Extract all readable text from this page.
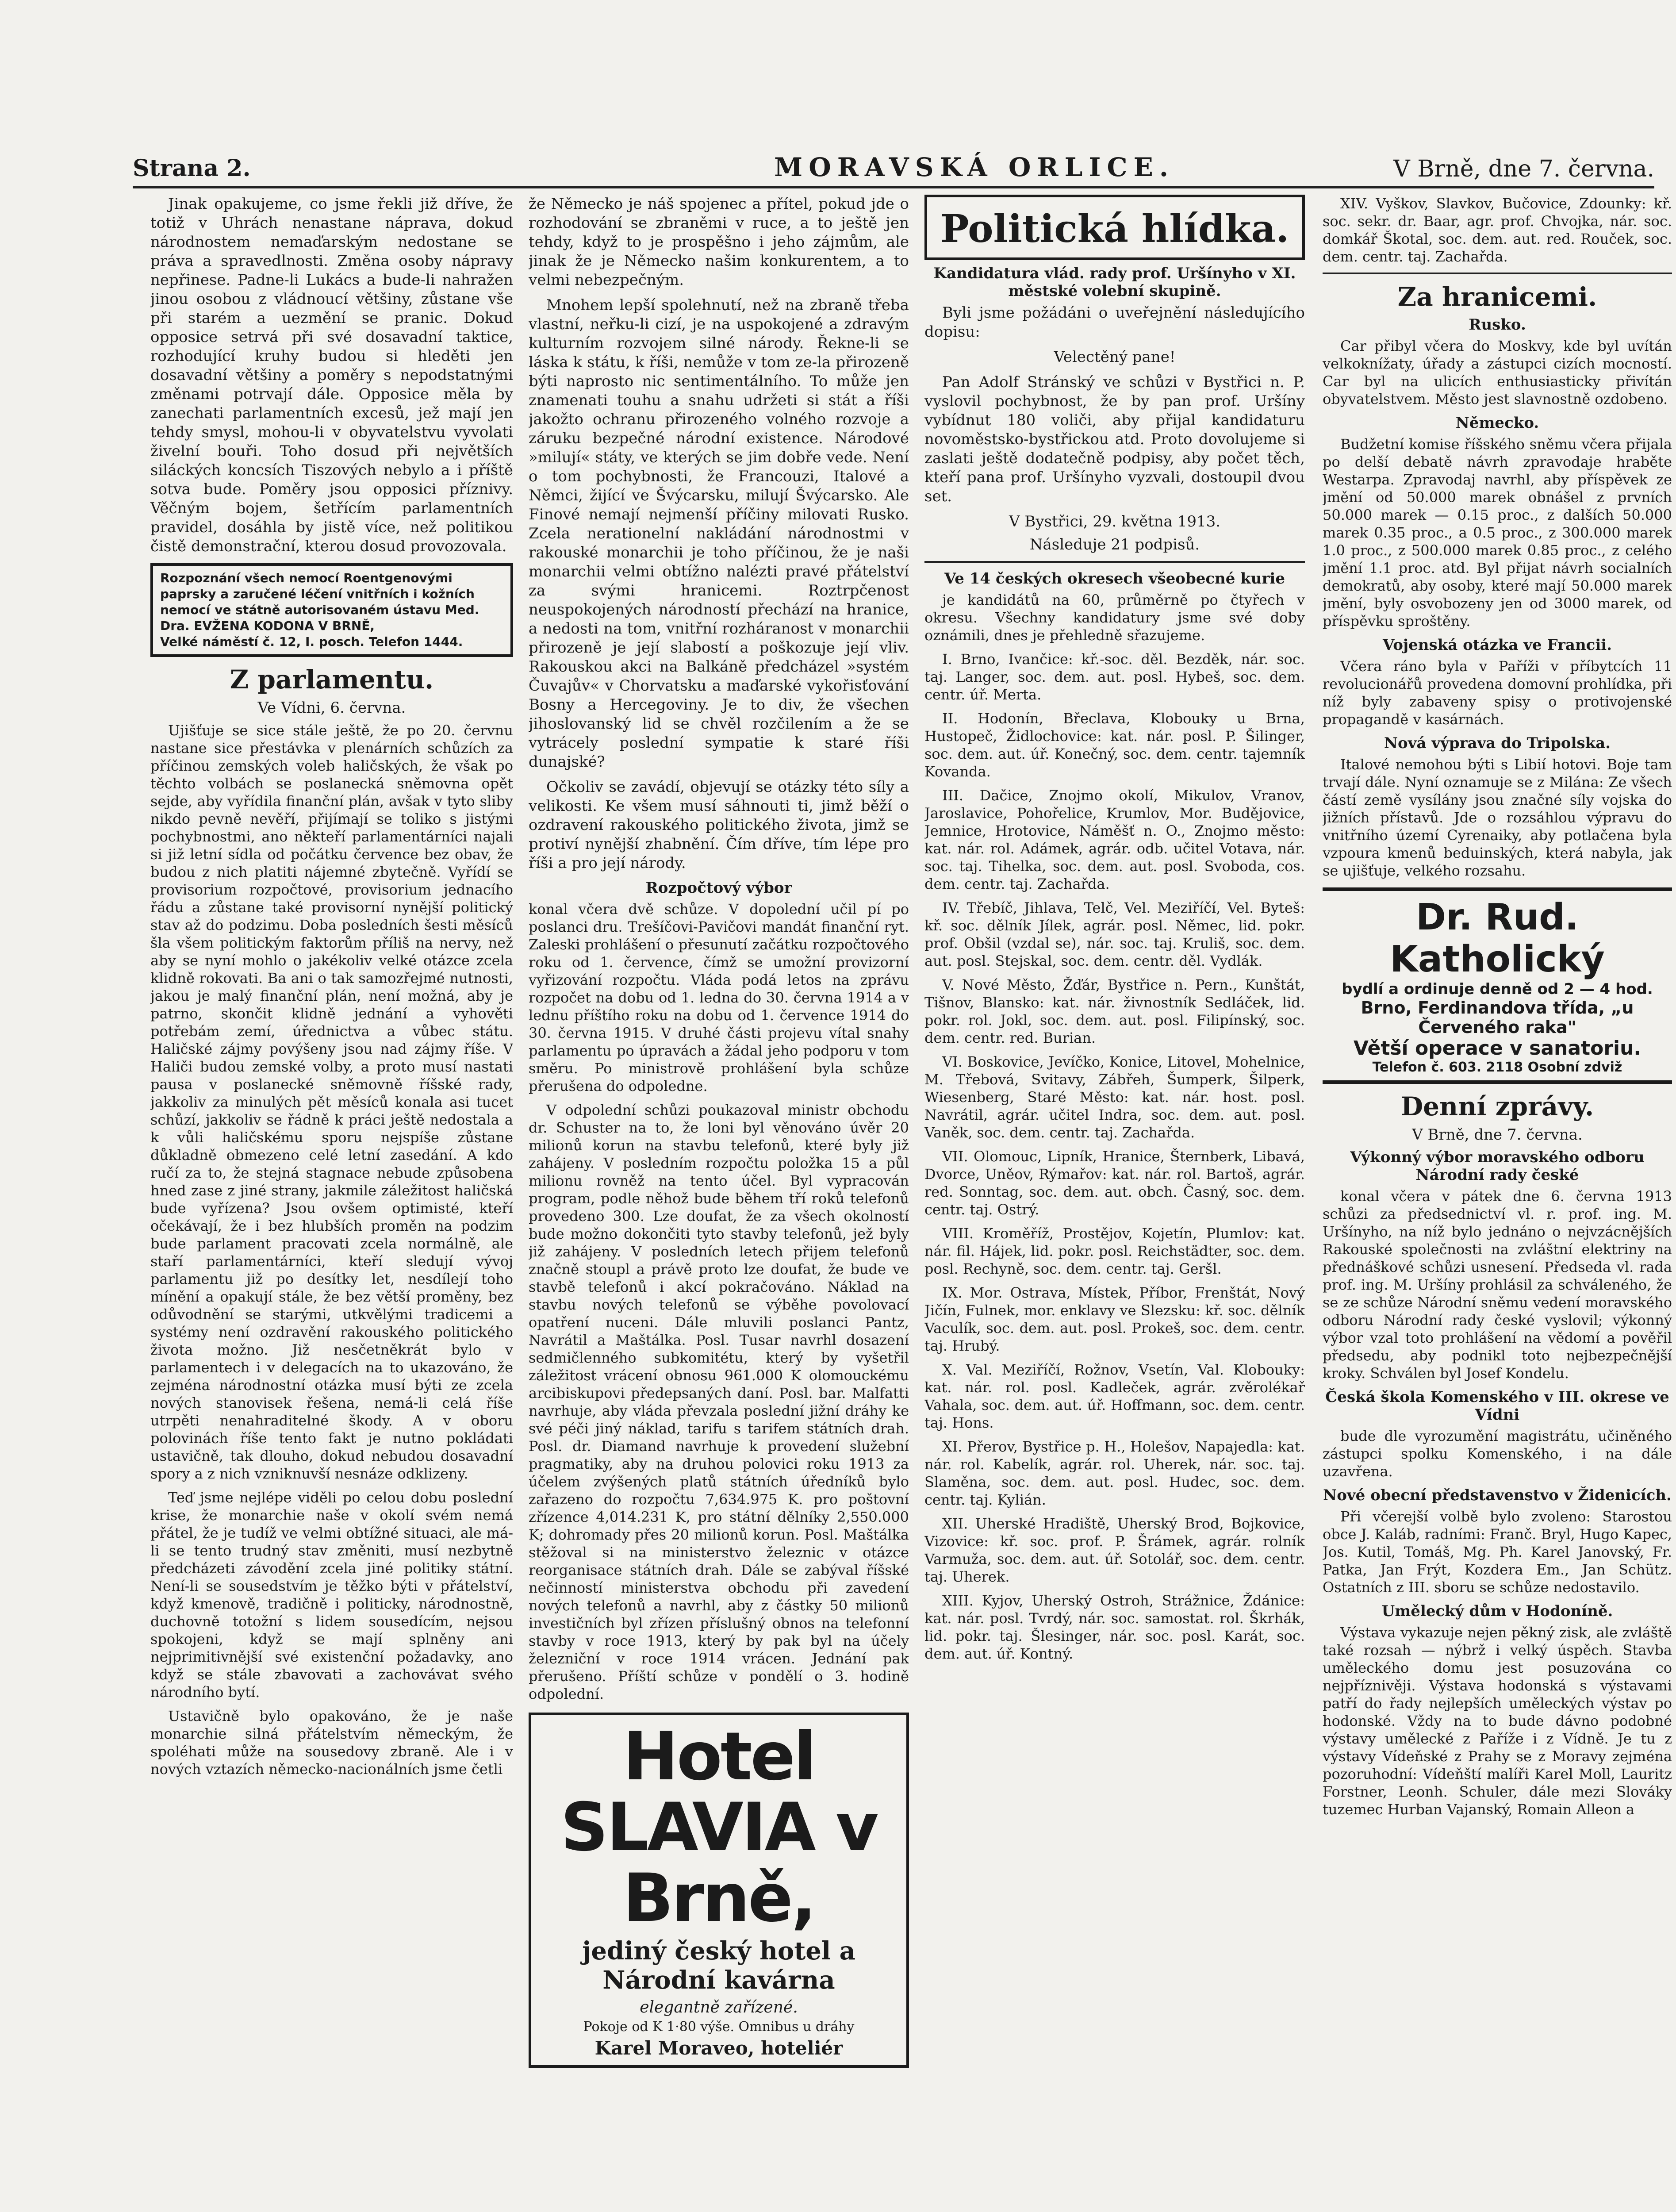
Strana 2.	MORAVSKÁ ORLICE.	V Brně, dne 7. června.

Jinak opakujeme, co jsme řekli již dříve, že totiž v Uhrách nenastane náprava, dokud národnostem nemaďarským nedostane se práva a spravedlnosti. Změna osoby nápravy nepřinese. Padne-li Lukács a bude-li nahražen jinou osobou z vládnoucí většiny, zůstane vše při starém a uezmění se pranic. Dokud opposice setrvá při své dosavadní taktice, rozhodující kruhy budou si hleděti jen dosavadní většiny a poměry s nepodstatnými změnami potrvají dále. Opposice měla by zanechati parlamentních excesů, jež mají jen tehdy smysl, mohou-li v obyvatelstvu vyvolati živelní bouři. Toho dosud při největších siláckých koncsích Tiszových nebylo a i příště sotva bude. Poměry jsou opposici příznivy. Věčným bojem, šetřícím parlamentních pravidel, dosáhla by jistě více, než politikou čistě demonstrační, kterou dosud provozovala.

Rozpoznání všech nemocí Roentgenovými
paprsky a zaručené léčení vnitřních i kožních nemocí ve státně autorisovaném ústavu Med. Dra. EVŽENA KODONA V BRNĚ,
Velké náměstí č. 12, I. posch. Telefon 1444.
Z parlamentu.
Ve Vídni, 6. června.

Ujišťuje se sice stále ještě, že po 20. červnu nastane sice přestávka v plenárních schůzích za příčinou zemských voleb haličských, že však po těchto volbách se poslanecká sněmovna opět sejde, aby vyřídila finanční plán, avšak v tyto sliby nikdo pevně nevěří, přijímají se toliko s jistými pochybnostmi, ano někteří parlamentárníci najali si již letní sídla od počátku července bez obav, že budou z nich platiti nájemné zbytečně. Vyřídí se provisorium rozpočtové, provisorium jednacího řádu a zůstane také provisorní nynější politický stav až do podzimu. Doba posledních šesti měsíců šla všem politickým faktorům příliš na nervy, než aby se nyní mohlo o jakékoliv velké otázce zcela klidně rokovati. Ba ani o tak samozřejmé nutnosti, jakou je malý finanční plán, není možná, aby je patrno, skončit klidně jednání a vyhověti potřebám zemí, úřednictva a vůbec státu. Haličské zájmy povýšeny jsou nad zájmy říše. V Haliči budou zemské volby, a proto musí nastati pausa v poslanecké sněmovně říšské rady, jakkoliv za minulých pět měsíců konala asi tucet schůzí, jakkoliv se řádně k práci ještě nedostala a k vůli haličskému sporu nejspíše zůstane důkladně obmezeno celé letní zasedání. A kdo ručí za to, že stejná stagnace nebude způsobena hned zase z jiné strany, jakmile záležitost haličská bude vyřízena? Jsou ovšem optimisté, kteří očekávají, že i bez hlubších proměn na podzim bude parlament pracovati zcela normálně, ale staří parlamentárníci, kteří sledují vývoj parlamentu již po desítky let, nesdílejí toho mínění a opakují stále, že bez větší proměny, bez odůvodnění se starými, utkvělými tradicemi a systémy není ozdravění rakouského politického života možno. Již nesčetněkrát bylo v parlamentech i v delegacích na to ukazováno, že zejména národnostní otázka musí býti ze zcela nových stanovisek řešena, nemá-li celá říše utrpěti nenahraditelné škody. A v oboru polovinách říše tento fakt je nutno pokládati ustavičně, tak dlouho, dokud nebudou dosavadní spory a z nich vzniknuvší nesnáze odklizeny.

Teď jsme nejlépe viděli po celou dobu poslední krise, že monarchie naše v okolí svém nemá přátel, že je tudíž ve velmi obtížné situaci, ale má-li se tento trudný stav změniti, musí nezbytně předcházeti závodění zcela jiné politiky státní. Není-li se sousedstvím je těžko býti v přátelství, když kmenově, tradičně i politicky, národnostně, duchovně totožní s lidem sousedícím, nejsou spokojeni, když se mají splněny ani nejprimitivnější své existenční požadavky, ano když se stále zbavovati a zachovávat svého národního bytí.

Ustavičně bylo opakováno, že je naše monarchie silná přátelstvím německým, že spoléhati může na sousedovy zbraně. Ale i v nových vztazích německo-nacionálních jsme četli

že Německo je náš spojenec a přítel, pokud jde o rozhodování se zbraněmi v ruce, a to ještě jen tehdy, když to je prospěšno i jeho zájmům, ale jinak že je Německo našim konkurentem, a to velmi nebezpečným.

Mnohem lepší spolehnutí, než na zbraně třeba vlastní, neřku-li cizí, je na uspokojené a zdravým kulturním rozvojem silné národy. Řekne-li se láska k státu, k říši, nemůže v tom ze-la přirozeně býti naprosto nic sentimentálního. To může jen znamenati touhu a snahu udržeti si stát a říši jakožto ochranu přirozeného volného rozvoje a záruku bezpečné národní existence. Národové »milují« státy, ve kterých se jim dobře vede. Není o tom pochybnosti, že Francouzi, Italové a Němci, žijící ve Švýcarsku, milují Švýcarsko. Ale Finové nemají nejmenší příčiny milovati Rusko. Zcela nerationelní nakládání národnostmi v rakouské monarchii je toho příčinou, že je naši monarchii velmi obtížno nalézti pravé přátelství za svými hranicemi. Roztrpčenost neuspokojených národností přechází na hranice, a nedosti na tom, vnitřní rozháranost v monarchii přirozeně je její slabostí a poškozuje její vliv. Rakouskou akci na Balkáně předcházel »systém Čuvajův« v Chorvatsku a maďarské vykořisťování Bosny a Hercegoviny. Je to div, že všechen jihoslovanský lid se chvěl rozčilením a že se vytrácely poslední sympatie k staré říši dunajské?

Očkoliv se zavádí, objevují se otázky této síly a velikosti. Ke všem musí sáhnouti ti, jimž běží o ozdravení rakouského politického života, jimž se protiví nynější zhabnění. Čím dříve, tím lépe pro říši a pro její národy.

Rozpočtový výbor

konal včera dvě schůze. V dopolední učil pí po poslanci dru. Trešíčovi-Pavičovi mandát finanční ryt. Zaleski prohlášení o přesunutí začátku rozpočtového roku od 1. července, čímž se umožní provizorní vyřizování rozpočtu. Vláda podá letos na zprávu rozpočet na dobu od 1. ledna do 30. června 1914 a v lednu příštího roku na dobu od 1. července 1914 do 30. června 1915. V druhé části projevu vítal snahy parlamentu po úpravách a žádal jeho podporu v tom směru. Po ministrově prohlášení byla schůze přerušena do odpoledne.

V odpolední schůzi poukazoval ministr obchodu dr. Schuster na to, že loni byl věnováno úvěr 20 milionů korun na stavbu telefonů, které byly již zahájeny. V posledním rozpočtu položka 15 a půl milionu rovněž na tento účel. Byl vypracován program, podle něhož bude během tří roků telefonů provedeno 300. Lze doufat, že za všech okolností bude možno dokončiti tyto stavby telefonů, jež byly již zahájeny. V posledních letech přijem telefonů značně stoupl a právě proto lze doufat, že bude ve stavbě telefonů i akcí pokračováno. Náklad na stavbu nových telefonů se výběhe povolovací opatření nuceni. Dále mluvili poslanci Pantz, Navrátil a Maštálka. Posl. Tusar navrhl dosazení sedmičlenného subkomitétu, který by vyšetřil záležitost vrácení obnosu 961.000 K olomouckému arcibiskupovi předepsaných daní. Posl. bar. Malfatti navrhuje, aby vláda převzala poslední jižní dráhy ke své péči jiný náklad, tarifu s tarifem státních drah. Posl. dr. Diamand navrhuje k provedení služební pragmatiky, aby na druhou polovici roku 1913 za účelem zvýšených platů státních úředníků bylo zařazeno do rozpočtu 7,634.975 K. pro poštovní zřízence 4,014.231 K, pro státní dělníky 2,550.000 K; dohromady přes 20 milionů korun. Posl. Maštálka stěžoval si na ministerstvo železnic v otázce reorganisace státních drah. Dále se zabýval říšské nečinností ministerstva obchodu při zavedení nových telefonů a navrhl, aby z částky 50 milionů investičních byl zřízen příslušný obnos na telefonní stavby v roce 1913, který by pak byl na účely železniční v roce 1914 vrácen. Jednání pak přerušeno. Příští schůze v pondělí o 3. hodině odpolední.

Hotel SLAVIA v Brně,
jediný český hotel a Národní kavárna
elegantně zařízené.
Pokoje od K 1·80 výše. Omnibus u dráhy
Karel Moraveo, hoteliér
Politická hlídka.
Kandidatura vlád. rady prof. Uršínyho v XI. městské volební skupině.

Byli jsme požádáni o uveřejnění následujícího dopisu:

Velectěný pane!

Pan Adolf Stránský ve schůzi v Bystřici n. P. vyslovil pochybnost, že by pan prof. Uršíny vybídnut 180 voliči, aby přijal kandidaturu novoměstsko-bystřickou atd. Proto dovolujeme si zaslati ještě dodatečně podpisy, aby počet těch, kteří pana prof. Uršínyho vyzvali, dostoupil dvou set.

V Bystřici, 29. května 1913.
Následuje 21 podpisů.
Ve 14 českých okresech všeobecné kurie

je kandidátů na 60, průměrně po čtyřech v okresu. Všechny kandidatury jsme své doby oznámili, dnes je přehledně sřazujeme.

I. Brno, Ivančice: kř.-soc. děl. Bezděk, nár. soc. taj. Langer, soc. dem. aut. posl. Hybeš, soc. dem. centr. úř. Merta.

II. Hodonín, Břeclava, Klobouky u Brna, Hustopeč, Židlochovice: kat. nár. posl. P. Šilinger, soc. dem. aut. úř. Konečný, soc. dem. centr. tajemník Kovanda.

III. Dačice, Znojmo okolí, Mikulov, Vranov, Jaroslavice, Pohořelice, Krumlov, Mor. Budějovice, Jemnice, Hrotovice, Náměšť n. O., Znojmo město: kat. nár. rol. Adámek, agrár. odb. učitel Votava, nár. soc. taj. Tihelka, soc. dem. aut. posl. Svoboda, cos. dem. centr. taj. Zachařda.

IV. Třebíč, Jihlava, Telč, Vel. Meziříčí, Vel. Byteš: kř. soc. dělník Jílek, agrár. posl. Němec, lid. pokr. prof. Obšil (vzdal se), nár. soc. taj. Kruliš, soc. dem. aut. posl. Stejskal, soc. dem. centr. děl. Vydlák.

V. Nové Město, Žďár, Bystřice n. Pern., Kunštát, Tišnov, Blansko: kat. nár. živnostník Sedláček, lid. pokr. rol. Jokl, soc. dem. aut. posl. Filipínský, soc. dem. centr. red. Burian.

VI. Boskovice, Jevíčko, Konice, Litovel, Mohelnice, M. Třebová, Svitavy, Zábřeh, Šumperk, Šilperk, Wiesenberg, Staré Město: kat. nár. host. posl. Navrátil, agrár. učitel Indra, soc. dem. aut. posl. Vaněk, soc. dem. centr. taj. Zachařda.

VII. Olomouc, Lipník, Hranice, Šternberk, Libavá, Dvorce, Uněov, Rýmařov: kat. nár. rol. Bartoš, agrár. red. Sonntag, soc. dem. aut. obch. Časný, soc. dem. centr. taj. Ostrý.

VIII. Kroměříž, Prostějov, Kojetín, Plumlov: kat. nár. fil. Hájek, lid. pokr. posl. Reichstädter, soc. dem. posl. Rechyně, soc. dem. centr. taj. Geršl.

IX. Mor. Ostrava, Místek, Příbor, Frenštát, Nový Jičín, Fulnek, mor. enklavy ve Slezsku: kř. soc. dělník Vaculík, soc. dem. aut. posl. Prokeš, soc. dem. centr. taj. Hrubý.

X. Val. Meziříčí, Rožnov, Vsetín, Val. Klobouky: kat. nár. rol. posl. Kadleček, agrár. zvěrolékař Vahala, soc. dem. aut. úř. Hoffmann, soc. dem. centr. taj. Hons.

XI. Přerov, Bystřice p. H., Holešov, Napajedla: kat. nár. rol. Kabelík, agrár. rol. Uherek, nár. soc. taj. Slaměna, soc. dem. aut. posl. Hudec, soc. dem. centr. taj. Kylián.

XII. Uherské Hradiště, Uherský Brod, Bojkovice, Vizovice: kř. soc. prof. P. Šrámek, agrár. rolník Varmuža, soc. dem. aut. úř. Sotolář, soc. dem. centr. taj. Uherek.

XIII. Kyjov, Uherský Ostroh, Strážnice, Ždánice: kat. nár. posl. Tvrdý, nár. soc. samostat. rol. Škrhák, lid. pokr. taj. Šlesinger, nár. soc. posl. Karát, soc. dem. aut. úř. Kontný.

XIV. Vyškov, Slavkov, Bučovice, Zdounky: kř. soc. sekr. dr. Baar, agr. prof. Chvojka, nár. soc. domkář Škotal, soc. dem. aut. red. Rouček, soc. dem. centr. taj. Zachařda.

Za hranicemi.
Rusko.

Car přibyl včera do Moskvy, kde byl uvítán velkoknížaty, úřady a zástupci cizích mocností. Car byl na ulicích enthusiasticky přivítán obyvatelstvem. Město jest slavnostně ozdobeno.

Německo.

Budžetní komise říšského sněmu včera přijala po delší debatě návrh zpravodaje hraběte Westarpa. Zpravodaj navrhl, aby příspěvek ze jmění od 50.000 marek obnášel z prvních 50.000 marek — 0.15 proc., z dalších 50.000 marek 0.35 proc., a 0.5 proc., z 300.000 marek 1.0 proc., z 500.000 marek 0.85 proc., z celého jmění 1.1 proc. atd. Byl přijat návrh socialních demokratů, aby osoby, které mají 50.000 marek jmění, byly osvobozeny jen od 3000 marek, od příspěvku sproštěny.

Vojenská otázka ve Francii.

Včera ráno byla v Paříži v příbytcích 11 revolucionářů provedena domovní prohlídka, při níž byly zabaveny spisy o protivojenské propagandě v kasárnách.

Nová výprava do Tripolska.

Italové nemohou býti s Libií hotovi. Boje tam trvají dále. Nyní oznamuje se z Milána: Ze všech částí země vysílány jsou značné síly vojska do jižních přístavů. Jde o rozsáhlou výpravu do vnitřního území Cyrenaiky, aby potlačena byla vzpoura kmenů beduinských, která nabyla, jak se ujišťuje, velkého rozsahu.

Dr. Rud. Katholický
bydlí a ordinuje denně od 2 — 4 hod.
Brno, Ferdinandova třída, „u Červeného raka"
Větší operace v sanatoriu.
Telefon č. 603. 2118 Osobní zdviž
Denní zprávy.
V Brně, dne 7. června.
Výkonný výbor moravského odboru Národní rady české

konal včera v pátek dne 6. června 1913 schůzi za předsednictví vl. r. prof. ing. M. Uršínyho, na níž bylo jednáno o nejvzácnějších Rakouské společnosti na zvláštní elektriny na přednáškové schůzi usnesení. Předseda vl. rada prof. ing. M. Uršíny prohlásil za schváleného, že se ze schůze Národní sněmu vedení moravského odboru Národní rady české vyslovil; výkonný výbor vzal toto prohlášení na vědomí a pověřil předsedu, aby podnikl toto nejbezpečnější kroky. Schválen byl Josef Kondelu.

Česká škola Komenského v III. okrese ve Vídni

bude dle vyrozumění magistrátu, učiněného zástupci spolku Komenského, i na dále uzavřena.

Nové obecní představenstvo v Židenicích.

Při včerejší volbě bylo zvoleno: Starostou obce J. Kaláb, radními: Franč. Bryl, Hugo Kapec, Jos. Kutil, Tomáš, Mg. Ph. Karel Janovský, Fr. Patka, Jan Frýt, Kozdera Em., Jan Schütz. Ostatních z III. sboru se schůze nedostavilo.

Umělecký dům v Hodoníně.

Výstava vykazuje nejen pěkný zisk, ale zvláště také rozsah — nýbrž i velký úspěch. Stavba uměleckého domu jest posuzována co nejpříznivěji. Výstava hodonská s výstavami patří do řady nejlepších uměleckých výstav po hodonské. Vždy na to bude dávno podobné výstavy umělecké z Paříže i z Vídně. Je tu z výstavy Vídeňské z Prahy se z Moravy zejména pozoruhodní: Vídeňští malíři Karel Moll, Lauritz Forstner, Leonh. Schuler, dále mezi Slováky tuzemec Hurban Vajanský, Romain Alleon a
